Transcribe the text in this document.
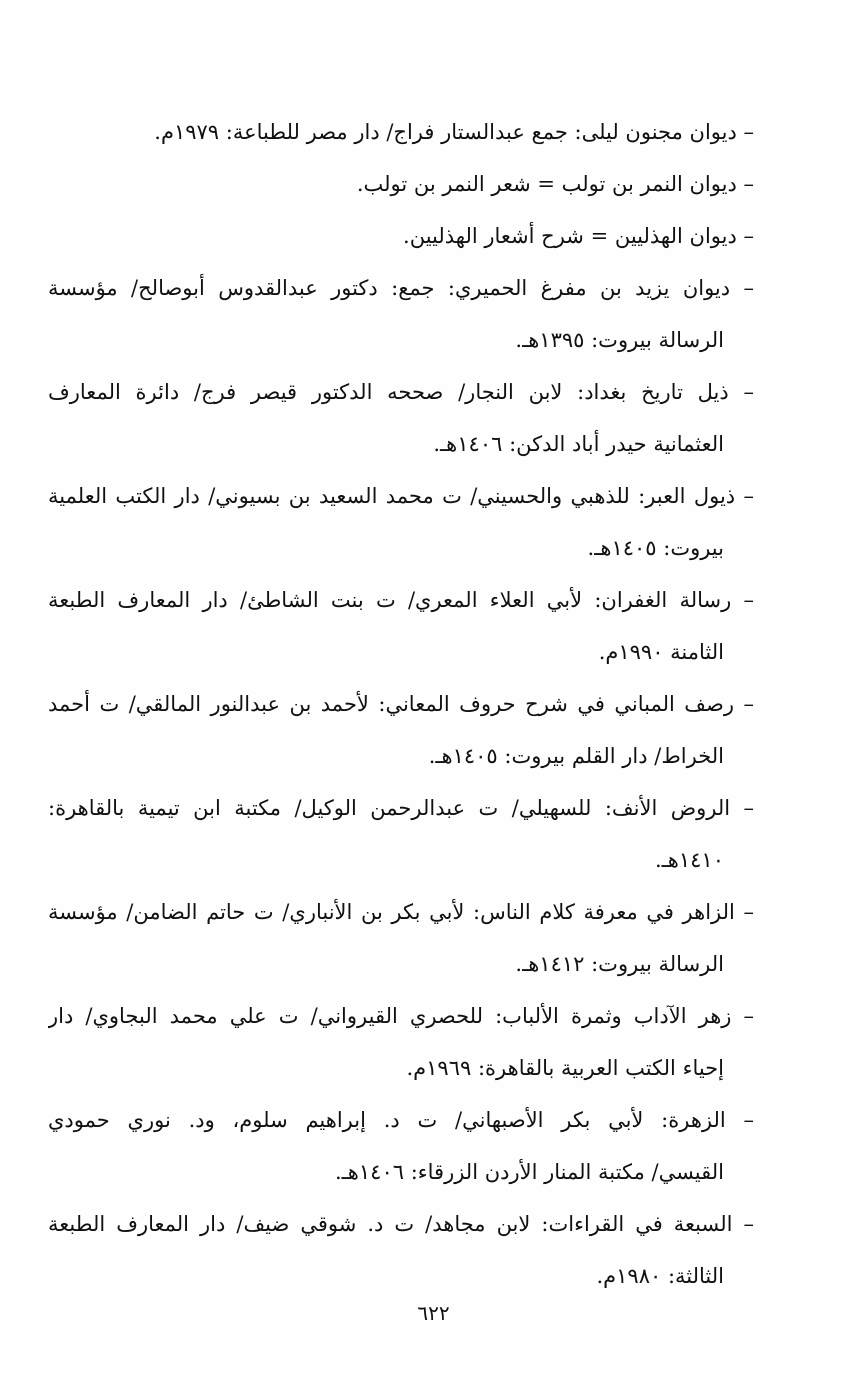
– ديوان مجنون ليلى: جمع عبدالستار فراج/ دار مصر للطباعة: ١٩٧٩م.
– ديوان النمر بن تولب = شعر النمر بن تولب.
– ديوان الهذليين = شرح أشعار الهذليين.
– ديوان يزيد بن مفرغ الحميري: جمع: دكتور عبدالقدوس أبوصالح/ مؤسسة
الرسالة بيروت: ١٣٩٥هـ.
– ذيل تاريخ بغداد: لابن النجار/ صححه الدكتور قيصر فرج/ دائرة المعارف
العثمانية حيدر أباد الدكن: ١٤٠٦هـ.
– ذيول العبر: للذهبي والحسيني/ ت محمد السعيد بن بسيوني/ دار الكتب العلمية
بيروت: ١٤٠٥هـ.
– رسالة الغفران: لأبي العلاء المعري/ ت بنت الشاطئ/ دار المعارف الطبعة
الثامنة ١٩٩٠م.
– رصف المباني في شرح حروف المعاني: لأحمد بن عبدالنور المالقي/ ت أحمد
الخراط/ دار القلم بيروت: ١٤٠٥هـ.
– الروض الأنف: للسهيلي/ ت عبدالرحمن الوكيل/ مكتبة ابن تيمية بالقاهرة:
١٤١٠هـ.
– الزاهر في معرفة كلام الناس: لأبي بكر بن الأنباري/ ت حاتم الضامن/ مؤسسة
الرسالة بيروت: ١٤١٢هـ.
– زهر الآداب وثمرة الألباب: للحصري القيرواني/ ت علي محمد البجاوي/ دار
إحياء الكتب العربية بالقاهرة: ١٩٦٩م.
– الزهرة: لأبي بكر الأصبهاني/ ت د. إبراهيم سلوم، ود. نوري حمودي
القيسي/ مكتبة المنار الأردن الزرقاء: ١٤٠٦هـ.
– السبعة في القراءات: لابن مجاهد/ ت د. شوقي ضيف/ دار المعارف الطبعة
الثالثة: ١٩٨٠م.
٦٢٢
